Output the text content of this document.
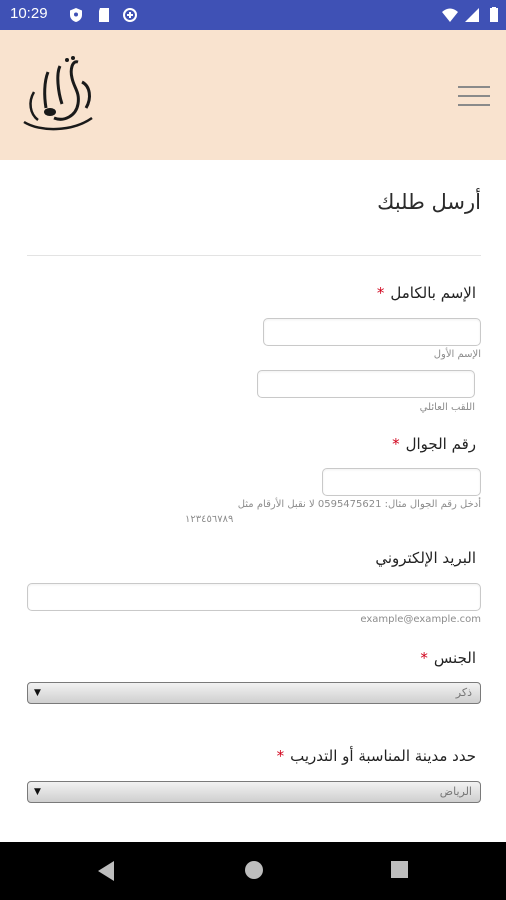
10:29
أرسل طلبك
الإسم بالكامل*
الإسم الأول
اللقب العائلي
رقم الجوال*
أدخل رقم الجوال مثال: 0595475621 لا نقبل الأرقام مثل
١٢٣٤٥٦٧٨٩
البريد الإلكتروني
example@example.com
الجنس*
ذكر
▼
حدد مدينة المناسبة أو التدريب*
الرياض
▼
